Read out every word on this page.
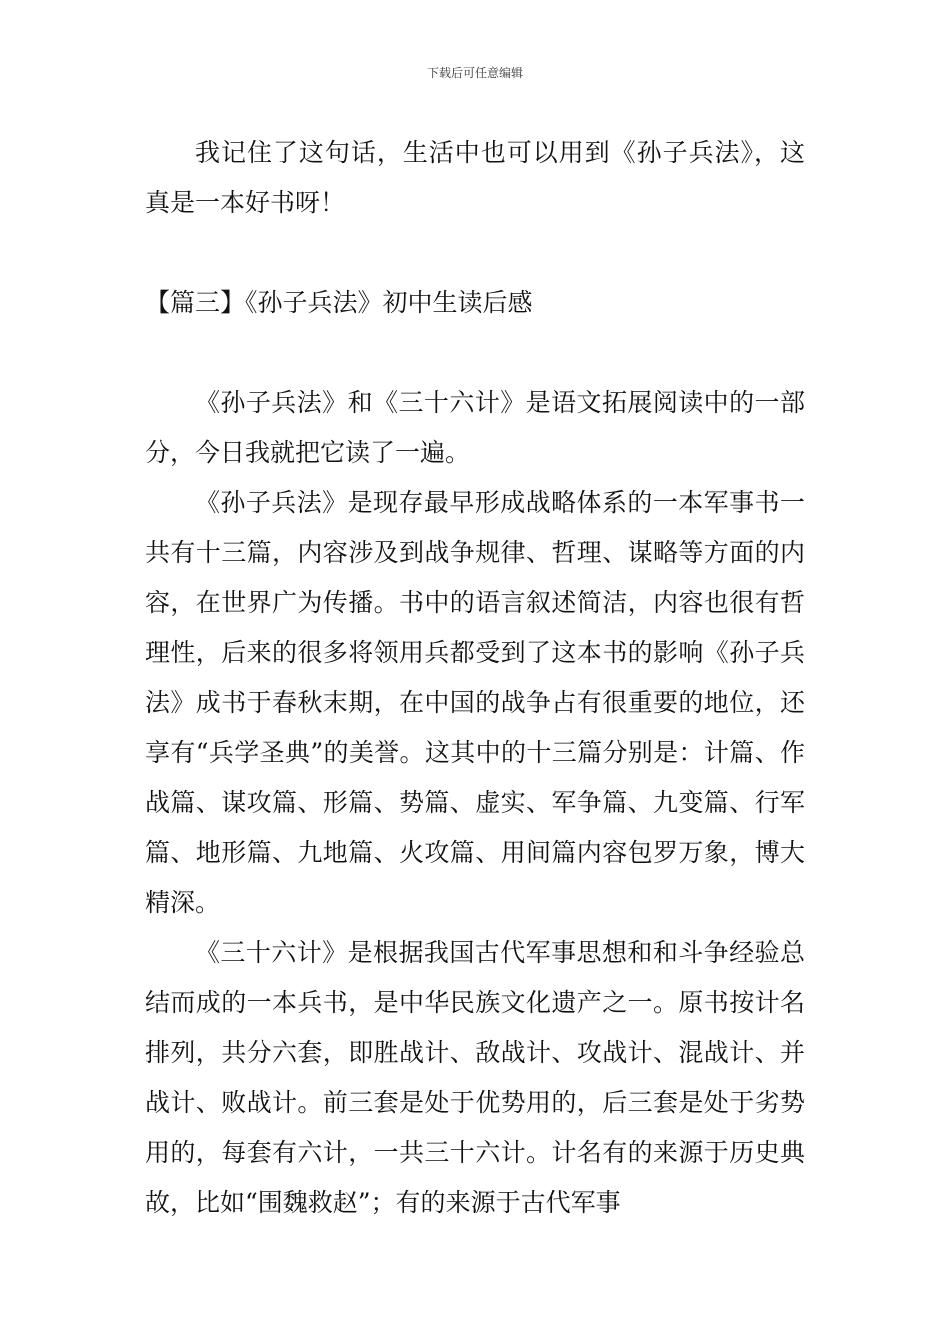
下载后可任意编辑

我记住了这句话，生活中也可以用到《孙子兵法》，这真是一本好书呀！

【篇三】《孙子兵法》初中生读后感

《孙子兵法》和《三十六计》是语文拓展阅读中的一部分，今日我就把它读了一遍。

《孙子兵法》是现存最早形成战略体系的一本军事书一共有十三篇，内容涉及到战争规律、哲理、谋略等方面的内容，在世界广为传播。书中的语言叙述简洁，内容也很有哲理性，后来的很多将领用兵都受到了这本书的影响《孙子兵法》成书于春秋末期，在中国的战争占有很重要的地位，还享有“兵学圣典”的美誉。这其中的十三篇分别是：计篇、作战篇、谋攻篇、形篇、势篇、虚实、军争篇、九变篇、行军篇、地形篇、九地篇、火攻篇、用间篇内容包罗万象，博大精深。

《三十六计》是根据我国古代军事思想和和斗争经验总结而成的一本兵书，是中华民族文化遗产之一。原书按计名排列，共分六套，即胜战计、敌战计、攻战计、混战计、并战计、败战计。前三套是处于优势用的，后三套是处于劣势用的，每套有六计，一共三十六计。计名有的来源于历史典故，比如“围魏救赵”；有的来源于古代军事
